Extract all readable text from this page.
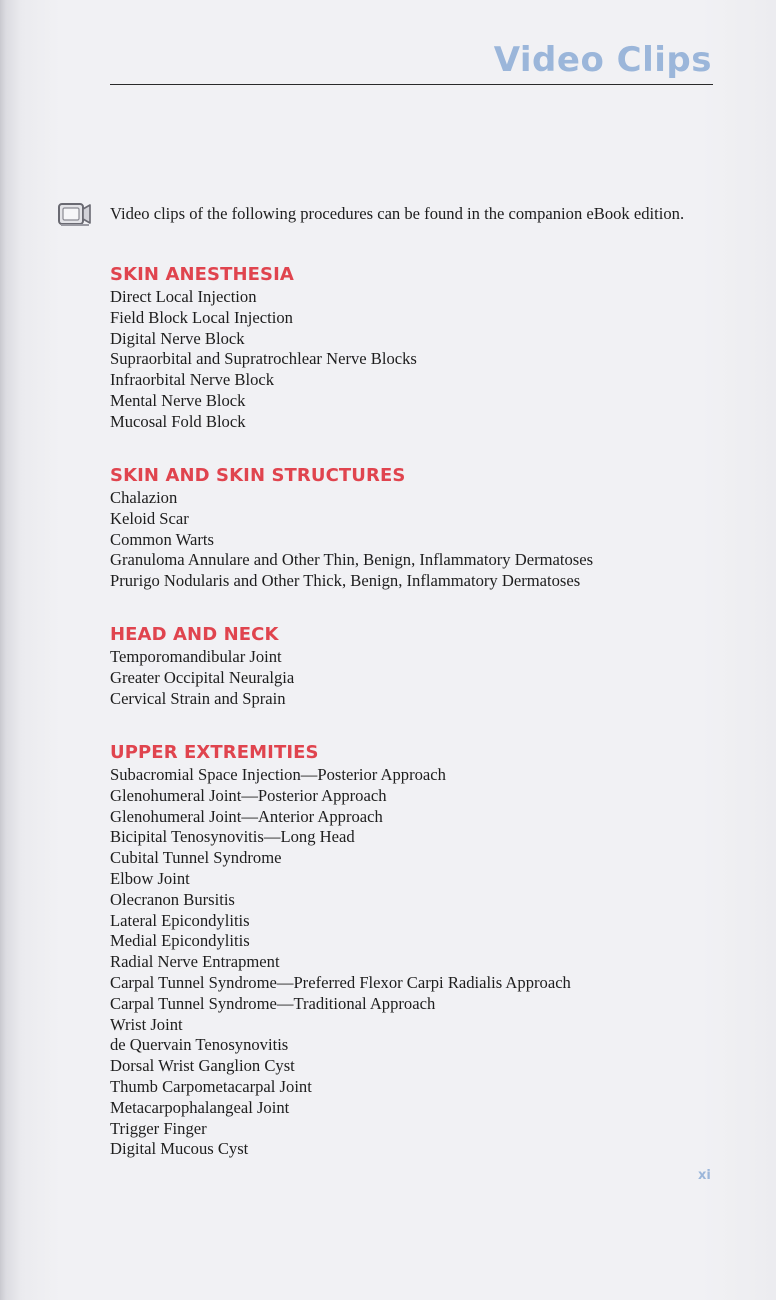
Video Clips
Video clips of the following procedures can be found in the companion eBook edition.
SKIN ANESTHESIA
Direct Local Injection
Field Block Local Injection
Digital Nerve Block
Supraorbital and Supratrochlear Nerve Blocks
Infraorbital Nerve Block
Mental Nerve Block
Mucosal Fold Block
SKIN AND SKIN STRUCTURES
Chalazion
Keloid Scar
Common Warts
Granuloma Annulare and Other Thin, Benign, Inflammatory Dermatoses
Prurigo Nodularis and Other Thick, Benign, Inflammatory Dermatoses
HEAD AND NECK
Temporomandibular Joint
Greater Occipital Neuralgia
Cervical Strain and Sprain
UPPER EXTREMITIES
Subacromial Space Injection—Posterior Approach
Glenohumeral Joint—Posterior Approach
Glenohumeral Joint—Anterior Approach
Bicipital Tenosynovitis—Long Head
Cubital Tunnel Syndrome
Elbow Joint
Olecranon Bursitis
Lateral Epicondylitis
Medial Epicondylitis
Radial Nerve Entrapment
Carpal Tunnel Syndrome—Preferred Flexor Carpi Radialis Approach
Carpal Tunnel Syndrome—Traditional Approach
Wrist Joint
de Quervain Tenosynovitis
Dorsal Wrist Ganglion Cyst
Thumb Carpometacarpal Joint
Metacarpophalangeal Joint
Trigger Finger
Digital Mucous Cyst
xi
